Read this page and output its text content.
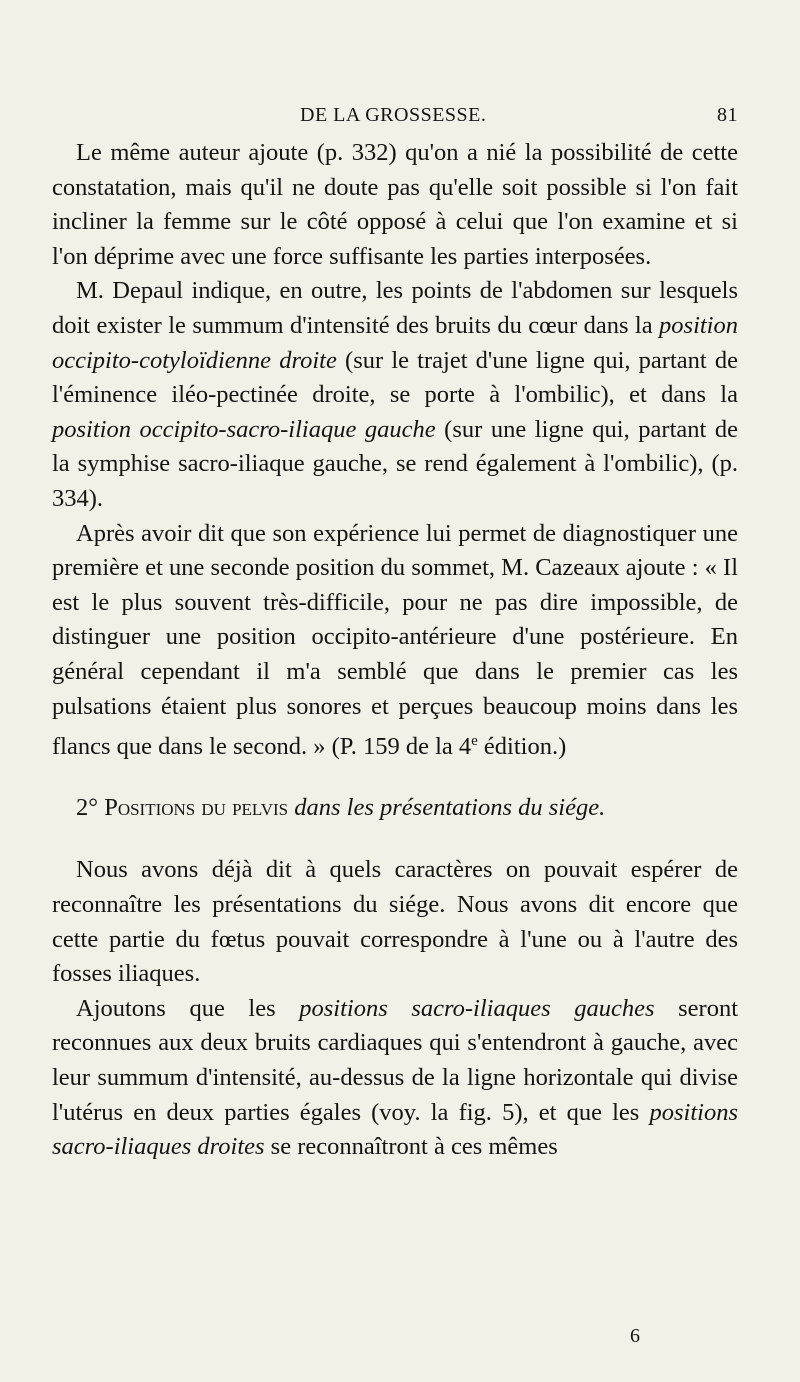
DE LA GROSSESSE.	81

Le même auteur ajoute (p. 332) qu'on a nié la possibilité de cette constatation, mais qu'il ne doute pas qu'elle soit possible si l'on fait incliner la femme sur le côté opposé à celui que l'on examine et si l'on déprime avec une force suffisante les parties interposées.

M. Depaul indique, en outre, les points de l'abdomen sur lesquels doit exister le summum d'intensité des bruits du cœur dans la position occipito-cotyloïdienne droite (sur le trajet d'une ligne qui, partant de l'éminence iléo-pectinée droite, se porte à l'ombilic), et dans la position occipito-sacro-iliaque gauche (sur une ligne qui, partant de la symphise sacro-iliaque gauche, se rend également à l'ombilic), (p. 334).

Après avoir dit que son expérience lui permet de diagnostiquer une première et une seconde position du sommet, M. Cazeaux ajoute : « Il est le plus souvent très-difficile, pour ne pas dire impossible, de distinguer une position occipito-antérieure d'une postérieure. En général cependant il m'a semblé que dans le premier cas les pulsations étaient plus sonores et perçues beaucoup moins dans les flancs que dans le second. » (P. 159 de la 4e édition.)

2° Positions du pelvis dans les présentations du siége.

Nous avons déjà dit à quels caractères on pouvait espérer de reconnaître les présentations du siége. Nous avons dit encore que cette partie du fœtus pouvait correspondre à l'une ou à l'autre des fosses iliaques.

Ajoutons que les positions sacro-iliaques gauches seront reconnues aux deux bruits cardiaques qui s'entendront à gauche, avec leur summum d'intensité, au-dessus de la ligne horizontale qui divise l'utérus en deux parties égales (voy. la fig. 5), et que les positions sacro-iliaques droites se reconnaîtront à ces mêmes

6
